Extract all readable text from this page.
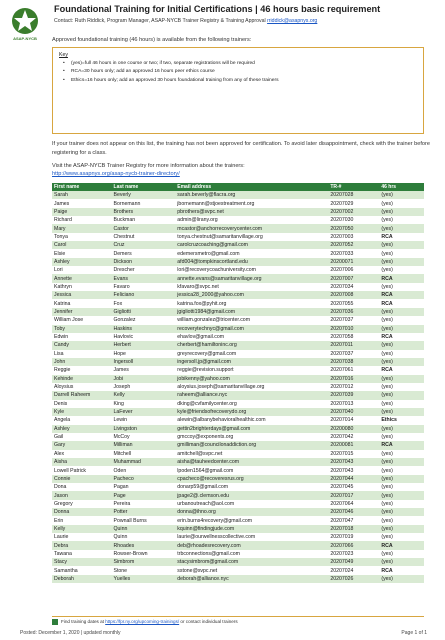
ASAP-NYCB
Foundational Training for Initial Certifications | 46 hours basic requirement
Contact: Ruth Riddick, Program Manager, ASAP-NYCB Trainer Registry & Training Approval rriddick@asapnys.org
Approved foundational training (46 hours) is available from the following trainers:
Key
•	(yes)=full 46 hours in one course or two; if two, separate registrations will be required
•	RCA=30 hours only; add an approved 16 hours peer ethics course
•	Ethics=16 hours only; add an approved 30 hours foundational training from any of these trainers
If your trainer does not appear on this list, the training has not been approved for certification. To avoid later disappointment, check with the trainer before registering for a class.
Visit the ASAP-NYCB Trainer Registry for more information about the trainers:
http://www.asapnys.org/asap-nycb-trainer-directory/
First name	Last name	Email address	TR-#	46 hrs
Sarah	Beverly	sarah.beverly@flacra.org	20207028	(yes)
James	Bornemann	jbornemann@stjoestreatment.org	20207029	(yes)
Paige	Brothers	pbrothers@svpc.net	20207002	(yes)
Richard	Buckman	admin@lirany.org	20207030	(yes)
Mary	Castor	mcastor@anchorrecoverycenter.com	20207050	(yes)
Tonya	Chestnut	tonya.chestnut@samaritanvillage.org	20207003	RCA
Carol	Cruz	carolcruzcoaching@gmail.com	20207052	(yes)
Elsie	Demers	edemersmetro@gmail.com	20207033	(yes)
Ashley	Dickson	afd004@tompkinscortland.edu	20200071	(yes)
Lori	Drescher	lori@recoverycoachuniversity.com	20207006	(yes)
Annette	Evans	annette.evans@samaritanvillage.org	20207007	RCA
Kathryn	Favaro	kfavaro@svpc.net	20207034	(yes)
Jessica	Feliciano	jessica28_2000@yahoo.com	20207008	RCA
Katrina	Fox	katrina.fox@pyhit.org	20207055	RCA
Jennifer	Gigliotti	jgigliotti1984@gmail.com	20207036	(yes)
William Jose	Gonzalez	william.gonzalez@tricenter.com	20207037	(yes)
Toby	Haskins	recoverytechnyc@gmail.com	20207010	(yes)
Edwin	Havlovic	ehavlov@gmail.com	20207058	RCA
Candy	Herbert	cherbert@hamiltoninc.org	20207011	(yes)
Lisa	Hope	greyrecovery@gmail.com	20207037	(yes)
John	Ingersoll	ingersoll.jp@gmail.com	20207038	(yes)
Reggie	James	reggie@revision.support	20207061	RCA
Kehinde	Jobi	jobikenny@yahoo.com	20207016	(yes)
Aloysius	Joseph	aloysius.joseph@samaritanvillage.org	20207012	(yes)
Darrell Raheem	Kelly	raheem@alliance.nyc	20207039	(yes)
Denis	King	dking@cvfamilycenter.org	20207013	(yes)
Kyle	LaFever	kyle@friendsofrecoverydo.org	20207040	(yes)
Angela	Lewin	alewin@albanybehavioralhealthic.com	20207014	Ethics
Ashley	Livingston	gettin2brighterdays@gmail.com	20200080	(yes)
Gail	McCoy	gmccoy@exponents.org	20207042	(yes)
Gary	Milliman	gmilliman@councilonaddiction.org	20200081	RCA
Alex	Mitchell	amitchell@svpc.net	20207015	(yes)
Aisha	Muhammad	aisha@tauheedcenter.com	20207043	(yes)
Lowell Patrick	Oden	lpoden1564@gmail.com	20207043	(yes)
Connie	Pacheco	cpacheco@recoveresrus.org	20207044	(yes)
Dona	Pagan	donarp59@gmail.com	20207045	(yes)
Jason	Page	jpage2@.clemson.edu	20207017	(yes)
Gregory	Pereira	urbanoutreach@aol.com	20207064	(yes)
Donna	Potter	donna@ihno.org	20207046	(yes)
Erin	Pownall Burns	erin.burns4recovery@gmail.com	20207047	(yes)
Kelly	Quinn	kquinn@findingjude.com	20207018	(yes)
Laurie	Quinn	laurie@ourwellnesscollective.com	20207019	(yes)
Debra	Rhoades	deb@rhoadesrecovery.com	20207066	RCA
Tawana	Rowser-Brown	trbconnections@gmail.com	20207023	(yes)
Stacy	Simbrom	stacysimbrom@gmail.com	20207049	(yes)
Samantha	Stone	sstone@svpc.net	20207024	RCA
Deborah	Yuelles	deborah@alliance.nyc	20207026	(yes)
Find training dates at https://fpr.ny.org/upcoming-trainings/ or contact individual trainers
Posted: December 1, 2020 | updated monthly	Page 1 of 1
